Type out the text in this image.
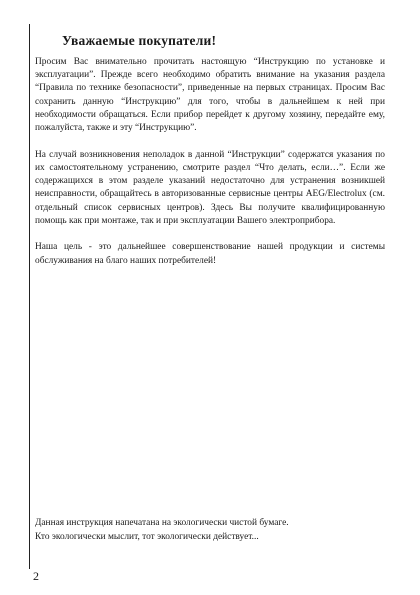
Уважаемые покупатели!

Просим Вас внимательно прочитать настоящую “Инструкцию по установке и эксплуатации”. Прежде всего необходимо обратить внимание на указания раздела “Правила по технике безопасности”, приведенные на первых страницах. Просим Вас сохранить данную “Инструкцию” для того, чтобы в дальнейшем к ней при необходимости обращаться. Если прибор перейдет к другому хозяину, передайте ему, пожалуйста, также и эту “Инструкцию”.

На случай возникновения неполадок в данной “Инструкции” содержатся указания по их самостоятельному устранению, смотрите раздел “Что делать, если…”. Если же содержащихся в этом разделе указаний недостаточно для устранения возникшей неисправности, обращайтесь в авторизованные сервисные центры AEG/Electrolux (см. отдельный список сервисных центров). Здесь Вы получите квалифицированную помощь как при монтаже, так и при эксплуатации Вашего электроприбора.

Наша цель - это дальнейшее совершенствование нашей продукции и системы обслуживания на благо наших потребителей!

Данная инструкция напечатана на экологически чистой бумаге.
Кто экологически мыслит, тот экологически действует...
2
